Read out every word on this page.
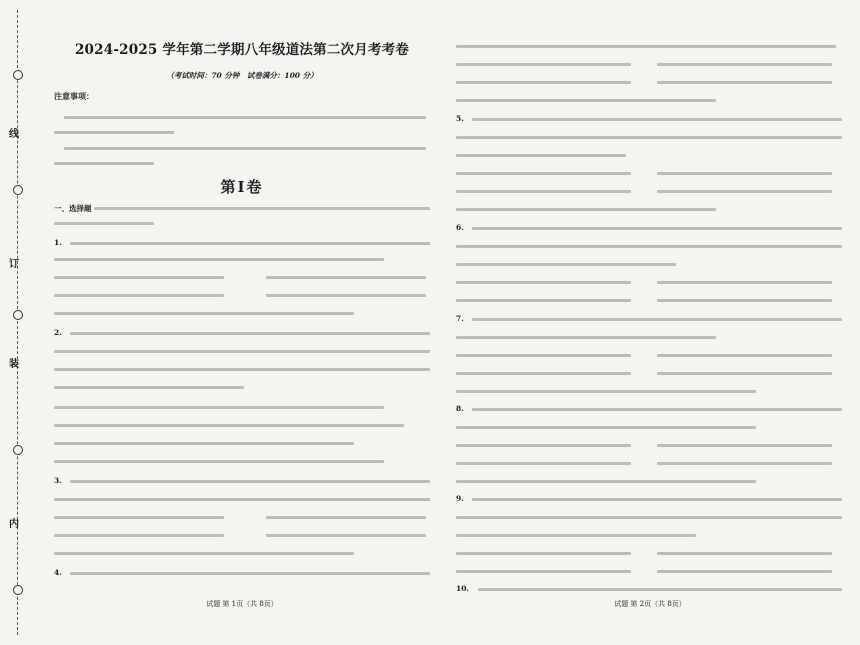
线
订
装
内
2024-2025 学年第二学期八年级道法第二次月考考卷
（考试时间：70 分钟　试卷满分：100 分）
注意事项：
第Ⅰ卷
一、选择题
1.
2.
3.
4.
试题 第 1页（共 8页）
5.
6.
7.
8.
9.
10.
试题 第 2页（共 8页）
